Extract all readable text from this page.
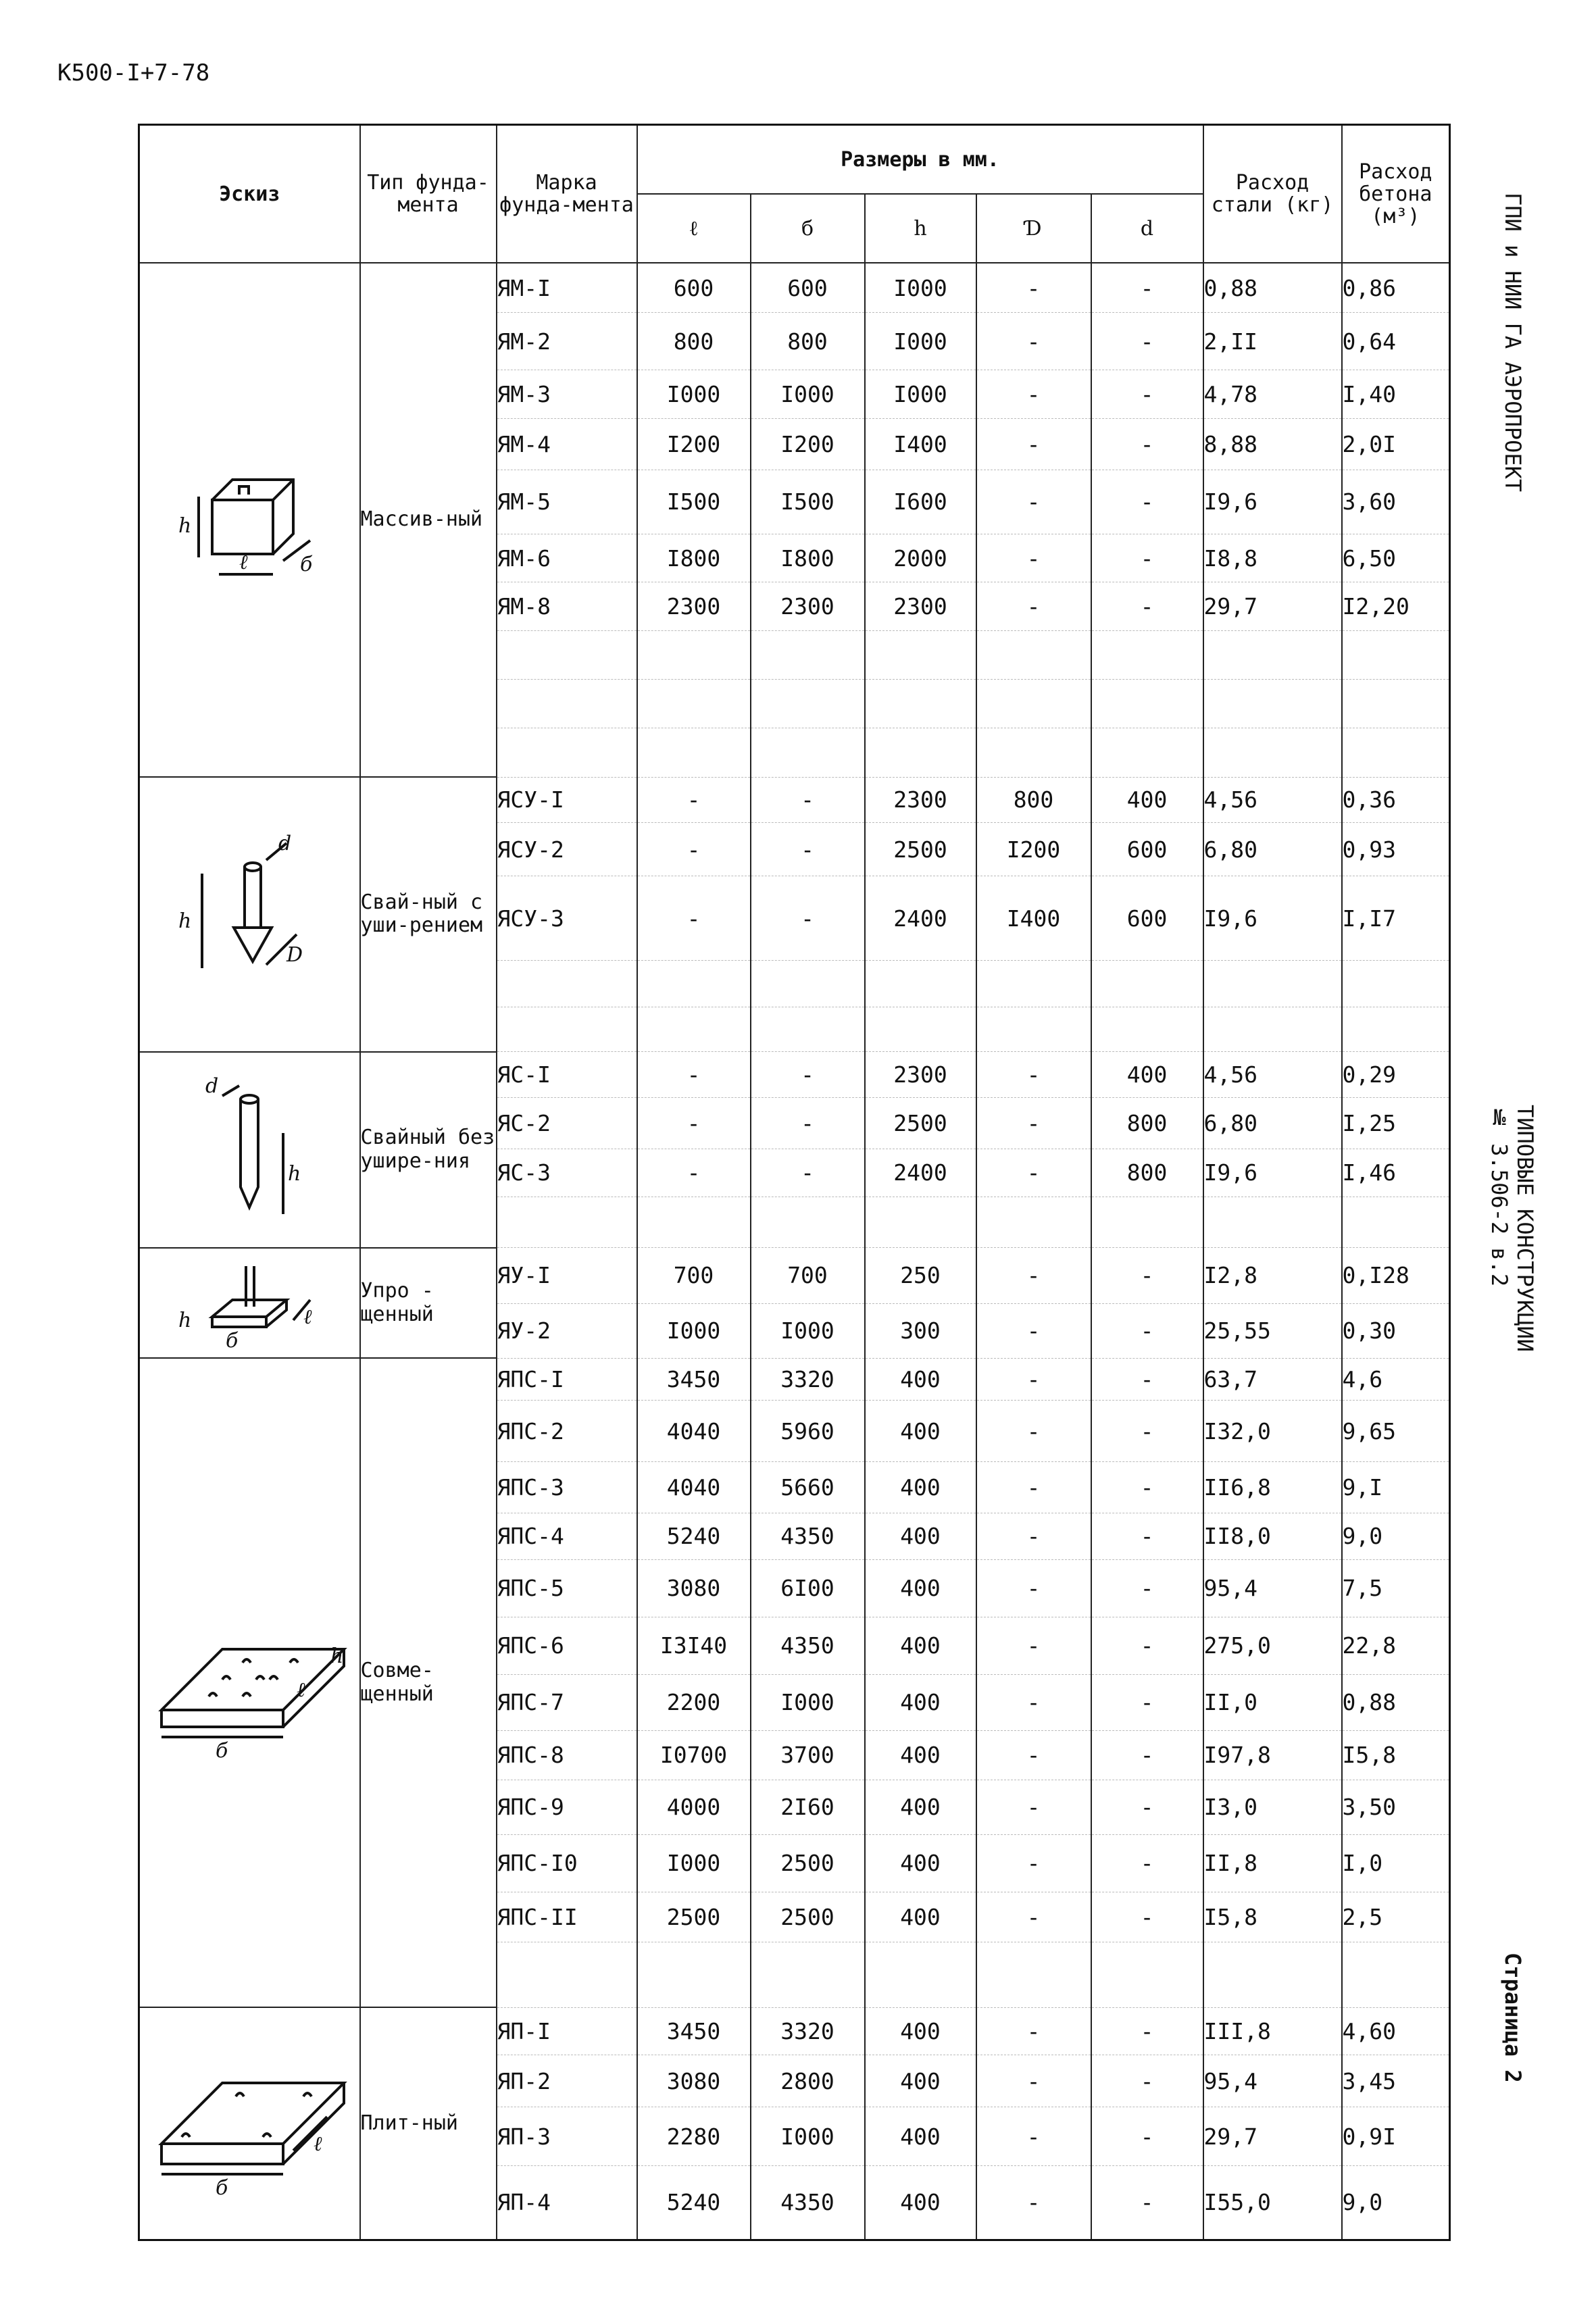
К500-I+7-78
Эскиз	Тип фунда-мента	Марка фунда-мента	Размеры в мм.					Расход стали (кг)	Расход бетона (м³)
			ℓ	б	h	Ɗ	d		

h
ℓ б	Массив-ный	ЯМ-I	600	600	I000	-	-	0,88	0,86
		ЯМ-2	800	800	I000	-	-	2,II	0,64
		ЯМ-3	I000	I000	I000	-	-	4,78	I,40
		ЯМ-4	I200	I200	I400	-	-	8,88	2,0I
		ЯМ-5	I500	I500	I600	-	-	I9,6	3,60
		ЯМ-6	I800	I800	2000	-	-	I8,8	6,50
		ЯМ-8	2300	2300	2300	-	-	29,7	I2,20

h
d
D	Свай-ный с уши-рением	ЯСУ-I	-	-	2300	800	400	4,56	0,36
		ЯСУ-2	-	-	2500	I200	600	6,80	0,93
		ЯСУ-3	-	-	2400	I400	600	I9,6	I,I7

h
d	Свайный без уширe-ния	ЯС-I	-	-	2300	-	400	4,56	0,29
		ЯС-2	-	-	2500	-	800	6,80	I,25
		ЯС-3	-	-	2400	-	800	I9,6	I,46

h
б
ℓ	Упро - щенный	ЯУ-I	700	700	250	-	-	I2,8	0,I28
		ЯУ-2	I000	I000	300	-	-	25,55	0,30

б
ℓ
h	Совме-щенный	ЯПС-I	3450	3320	400	-	-	63,7	4,6
		ЯПС-2	4040	5960	400	-	-	I32,0	9,65
		ЯПС-3	4040	5660	400	-	-	II6,8	9,I
		ЯПС-4	5240	4350	400	-	-	II8,0	9,0
		ЯПС-5	3080	6I00	400	-	-	95,4	7,5
		ЯПС-6	I3I40	4350	400	-	-	275,0	22,8
		ЯПС-7	2200	I000	400	-	-	II,0	0,88
		ЯПС-8	I0700	3700	400	-	-	I97,8	I5,8
		ЯПС-9	4000	2I60	400	-	-	I3,0	3,50
		ЯПС-I0	I000	2500	400	-	-	II,8	I,0
		ЯПС-II	2500	2500	400	-	-	I5,8	2,5

б
ℓ	Плит-ный	ЯП-I	3450	3320	400	-	-	III,8	4,60
		ЯП-2	3080	2800	400	-	-	95,4	3,45
		ЯП-3	2280	I000	400	-	-	29,7	0,9I
		ЯП-4	5240	4350	400	-	-	I55,0	9,0
ГПИ и НИИ ГА АЭРОПРОЕКТ
ТИПОВЫЕ КОНСТРУКЦИИ
№ 3.506-2 в.2
Страница 2
